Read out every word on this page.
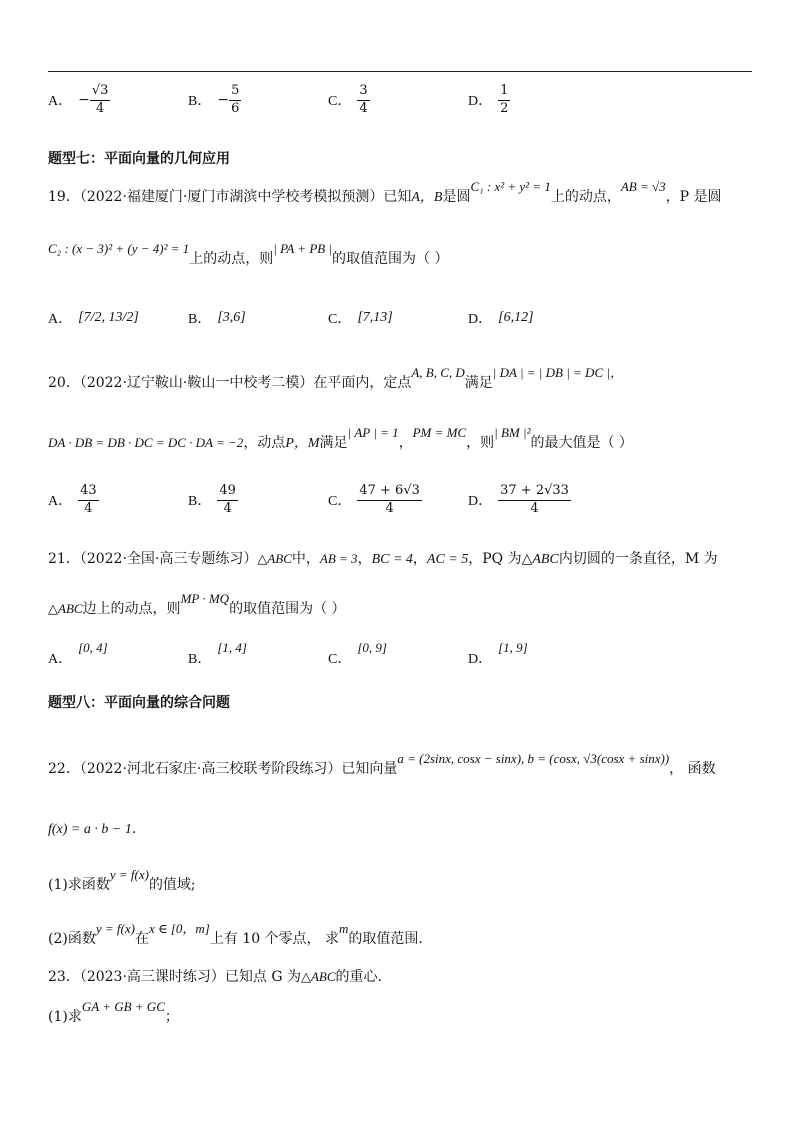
A． − $\frac{√3}{4}$	B． − $\frac{5}{6}$	C． $\frac{3}{4}$	D． $\frac{1}{2}$
题型七：平面向量的几何应用
19．（2022·福建厦门·厦门市湖滨中学校考模拟预测）已知A，B是圆C₁ : x² + y² = 1上的动点，AB = √3，P 是圆
C₂ : (x − 3)² + (y − 4)² = 1上的动点，则| PA + PB |的取值范围为（ ）
A． [7/2, 13/2]	B． [3,6]	C． [7,13]	D． [6,12]
20．（2022·辽宁鞍山·鞍山一中校考二模）在平面内，定点A, B, C, D满足| DA | = | DB | = DC |，
DA · DB = DB · DC = DC · DA = −2，动点P，M满足| AP | = 1，PM = MC，则| BM |²的最大值是（ ）
A． $\frac{43}{4}$	B． $\frac{49}{4}$	C． $\frac{47 + 6√3}{4}$	D． $\frac{37 + 2√33}{4}$
21．（2022·全国·高三专题练习）△ABC中，AB = 3，BC = 4，AC = 5，PQ 为△ABC内切圆的一条直径，M 为
△ABC边上的动点，则MP · MQ的取值范围为（ ）
A．
[0, 4]
B．
[1, 4]
C．
[0, 9]
D．
[1, 9]
题型八：平面向量的综合问题
22．（2022·河北石家庄·高三校联考阶段练习）已知向量a = (2sinx, cosx − sinx), b = (cosx, √3(cosx + sinx))， 函数
f(x) = a · b − 1.
(1)求函数y = f(x)的值域;
(2)函数y = f(x)在x ∈ [0，m]上有 10 个零点， 求m的取值范围.
23．（2023·高三课时练习）已知点 G 为△ABC的重心.
(1)求GA + GB + GC；
